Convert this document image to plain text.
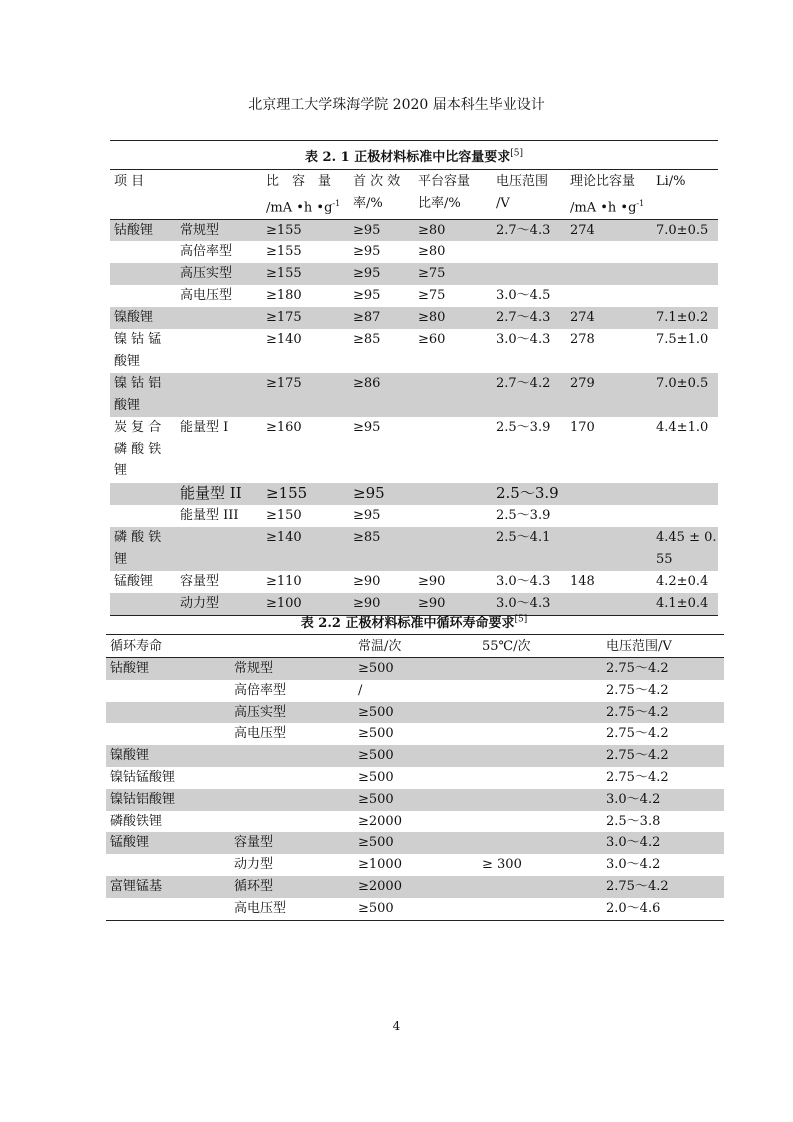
北京理工大学珠海学院 2020 届本科生毕业设计
表 2. 1 正极材料标准中比容量要求[5]
项 目		比　容　量	首 次 效	平台容量	电压范围	理论比容量	Li/%
		/mA •h $•g^{-1}$	率/%	比率/%	/V	/mA •h $•g^{-1}$	
钴酸锂	常规型	≥155	≥95	≥80	2.7～4.3	274	7.0±0.5
	高倍率型	≥155	≥95	≥80			
	高压实型	≥155	≥95	≥75			
	高电压型	≥180	≥95	≥75	3.0～4.5		
镍酸锂		≥175	≥87	≥80	2.7～4.3	274	7.1±0.2
镍 钴 锰 酸锂		≥140	≥85	≥60	3.0～4.3	278	7.5±1.0
镍 钴 铝 酸锂		≥175	≥86		2.7～4.2	279	7.0±0.5
炭 复 合 磷 酸 铁 锂	能量型 I	≥160	≥95		2.5～3.9	170	4.4±1.0
	能量型 II	≥155	≥95		2.5～3.9		
	能量型 III	≥150	≥95		2.5～3.9		
磷 酸 铁 锂		≥140	≥85		2.5～4.1		4.45 ± 0.55
锰酸锂	容量型	≥110	≥90	≥90	3.0～4.3	148	4.2±0.4
	动力型	≥100	≥90	≥90	3.0～4.3		4.1±0.4
表 2.2 正极材料标准中循环寿命要求[5]
循环寿命		常温/次	55℃/次	电压范围/V
钴酸锂	常规型	≥500		2.75～4.2
	高倍率型	/		2.75～4.2
	高压实型	≥500		2.75～4.2
	高电压型	≥500		2.75～4.2
镍酸锂		≥500		2.75～4.2
镍钴锰酸锂		≥500		2.75～4.2
镍钴铝酸锂		≥500		3.0～4.2
磷酸铁锂		≥2000		2.5～3.8
锰酸锂	容量型	≥500		3.0～4.2
	动力型	≥1000	≥ 300	3.0～4.2
富锂锰基	循环型	≥2000		2.75～4.2
	高电压型	≥500		2.0～4.6
4
